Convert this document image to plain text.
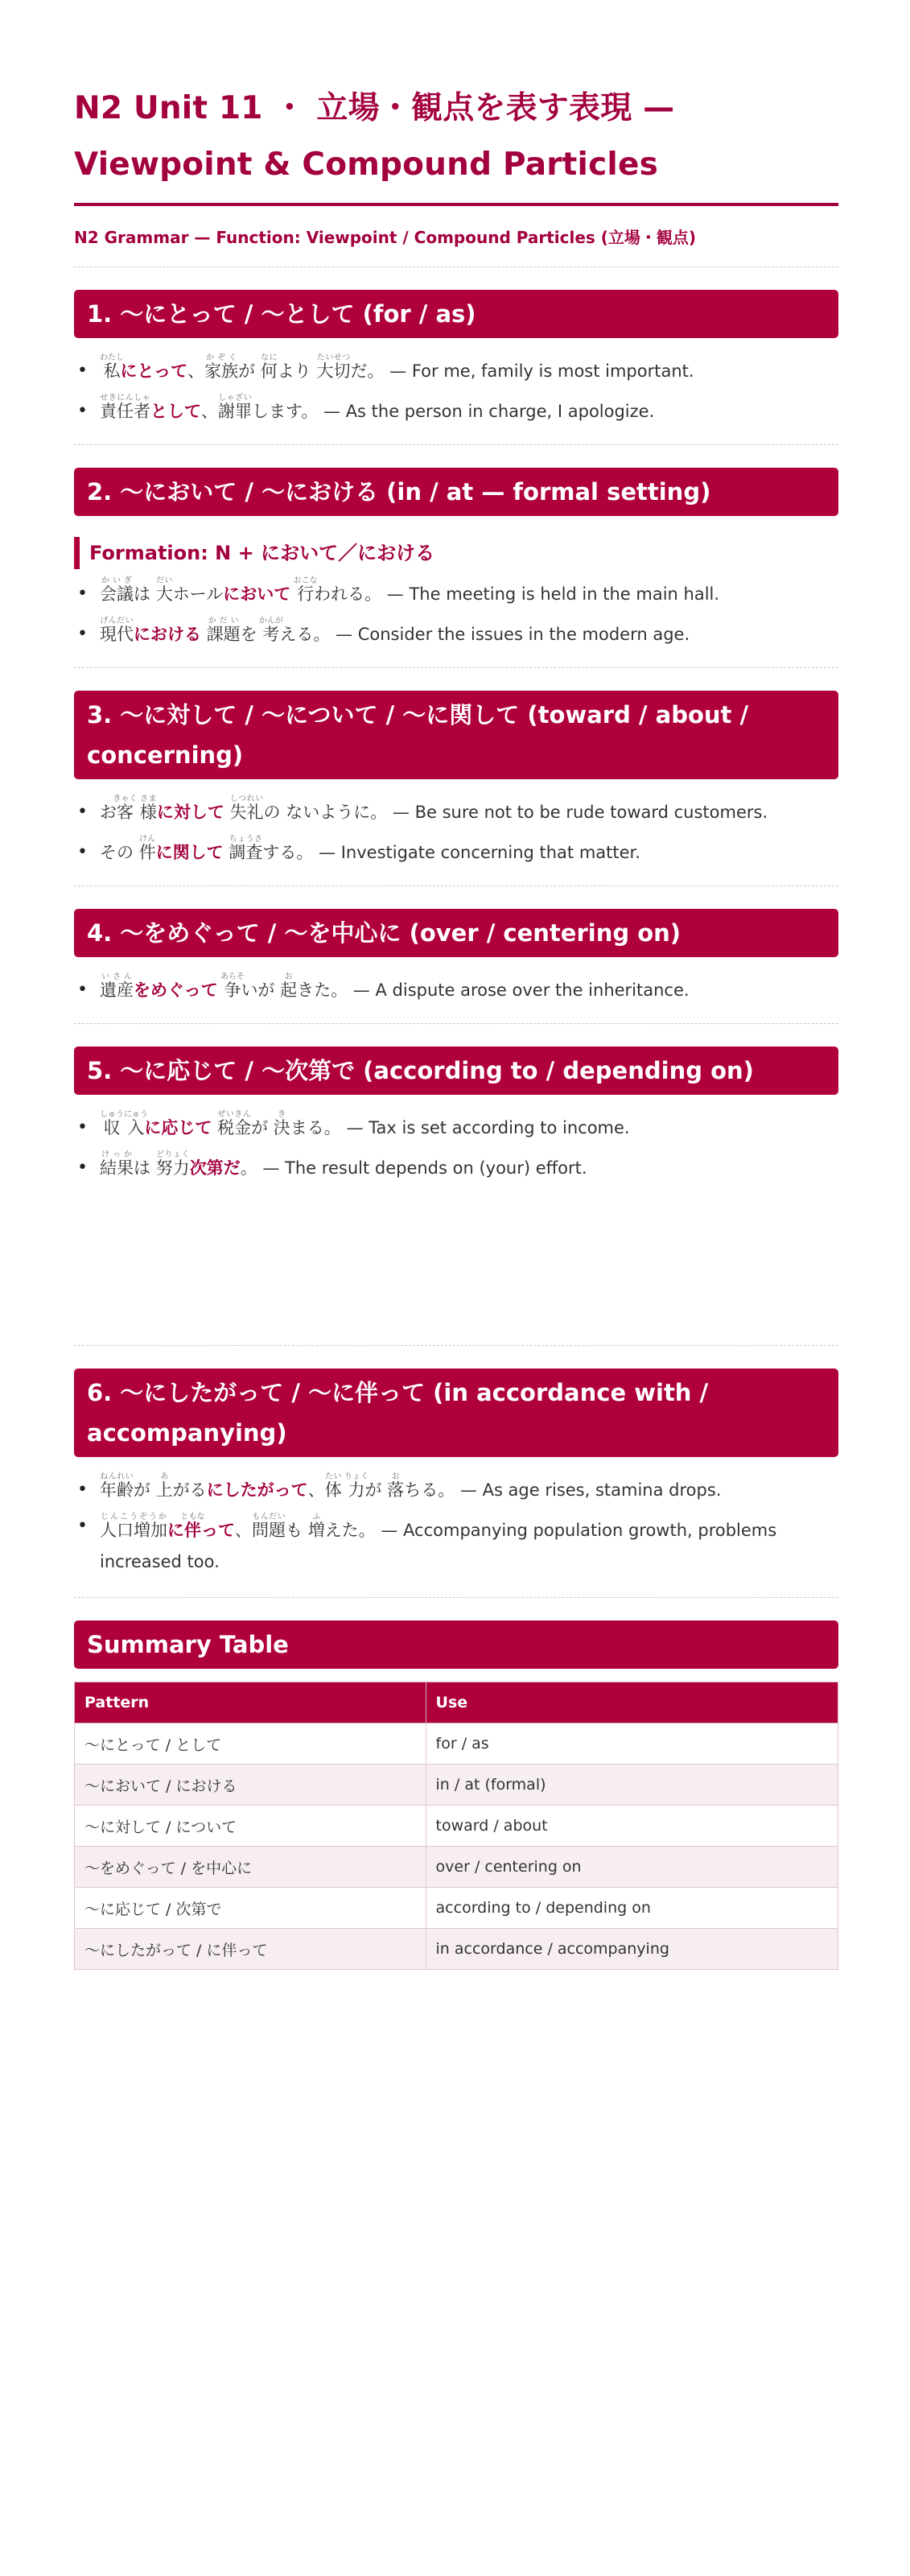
N2 Unit 11 ・ 立場・観点を表す表現 — Viewpoint & Compound Particles
N2 Grammar — Function: Viewpoint / Compound Particles (立場・観点)
1. 〜にとって / 〜として (for / as)
• 私わたしにとって、家族かぞくが 何なにより 大切たいせつだ。 — For me, family is most important.
• 責任者せきにんしゃとして、謝罪しゃざいします。 — As the person in charge, I apologize.
2. 〜において / 〜における (in / at — formal setting)
Formation: N + において／における
• 会議かいぎは 大だいホールにおいて 行おこなわれる。 — The meeting is held in the main hall.
• 現代げんだいにおける 課題かだいを 考かんがえる。 — Consider the issues in the modern age.
3. 〜に対して / 〜について / 〜に関して (toward / about / concerning)
• お客きゃく 様さまに対して 失礼しつれいの ないように。 — Be sure not to be rude toward customers.
• その 件けんに関して 調査ちょうさする。 — Investigate concerning that matter.
4. 〜をめぐって / 〜を中心に (over / centering on)
• 遺産いさんをめぐって 争あらそいが 起おきた。 — A dispute arose over the inheritance.
5. 〜に応じて / 〜次第で (according to / depending on)
• 収しゅう 入にゅうに応じて 税金ぜいきんが 決きまる。 — Tax is set according to income.
• 結果けっかは 努力どりょく次第だ。 — The result depends on (your) effort.
6. 〜にしたがって / 〜に伴って (in accordance with / accompanying)
• 年齢ねんれいが 上あがるにしたがって、体たい 力りょくが 落おちる。 — As age rises, stamina drops.
• 人口増加じんこうぞうかに伴ともなって、問題もんだいも 増ふえた。 — Accompanying population growth, problems increased too.
Summary Table
Pattern	Use
〜にとって / として	for / as
〜において / における	in / at (formal)
〜に対して / について	toward / about
〜をめぐって / を中心に	over / centering on
〜に応じて / 次第で	according to / depending on
〜にしたがって / に伴って	in accordance / accompanying
